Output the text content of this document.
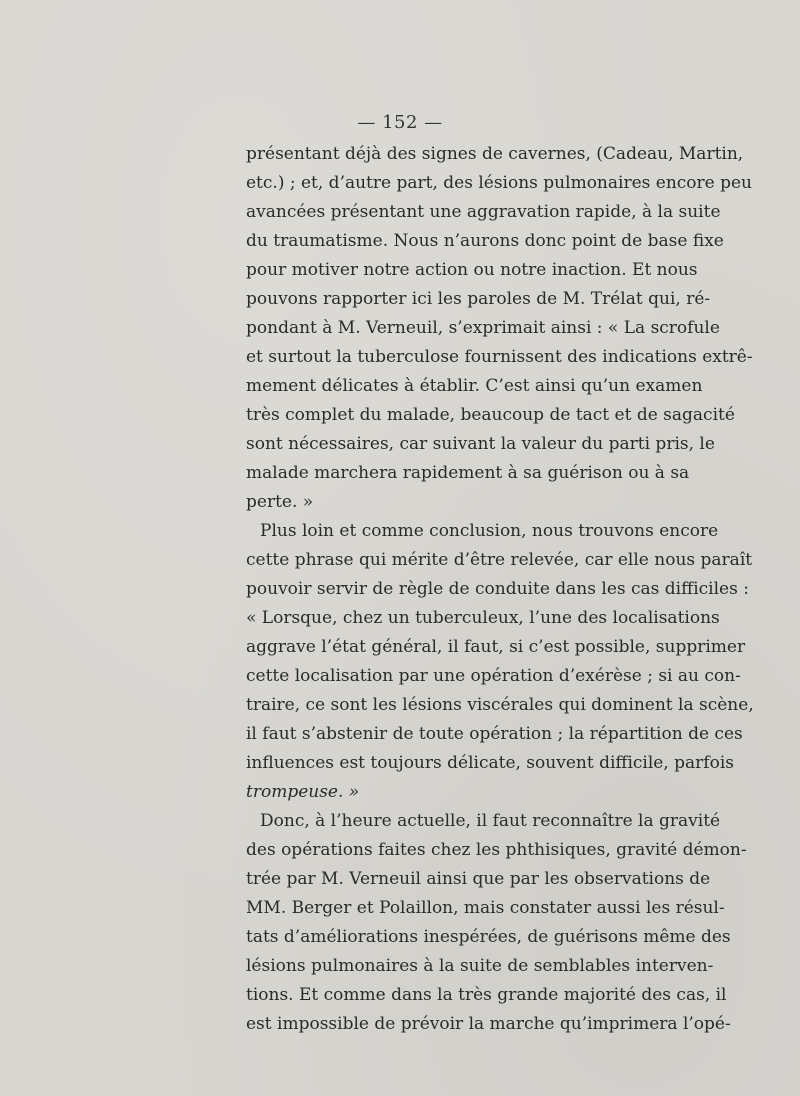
— 152 —
présentant déjà des signes de cavernes, (Cadeau, Martin,
etc.) ; et, d’autre part, des lésions pulmonaires encore peu
avancées présentant une aggravation rapide, à la suite
du traumatisme. Nous n’aurons donc point de base fixe
pour motiver notre action ou notre inaction. Et nous
pouvons rapporter ici les paroles de M. Trélat qui, ré-
pondant à M. Verneuil, s’exprimait ainsi : « La scrofule
et surtout la tuberculose fournissent des indications extrê-
mement délicates à établir. C’est ainsi qu’un examen
très complet du malade, beaucoup de tact et de sagacité
sont nécessaires, car suivant la valeur du parti pris, le
malade marchera rapidement à sa guérison ou à sa
perte. »
Plus loin et comme conclusion, nous trouvons encore
cette phrase qui mérite d’être relevée, car elle nous paraît
pouvoir servir de règle de conduite dans les cas difficiles :
« Lorsque, chez un tuberculeux, l’une des localisations
aggrave l’état général, il faut, si c’est possible, supprimer
cette localisation par une opération d’exérèse ; si au con-
traire, ce sont les lésions viscérales qui dominent la scène,
il faut s’abstenir de toute opération ; la répartition de ces
influences est toujours délicate, souvent difficile, parfois
trompeuse. »
Donc, à l’heure actuelle, il faut reconnaître la gravité
des opérations faites chez les phthisiques, gravité démon-
trée par M. Verneuil ainsi que par les observations de
MM. Berger et Polaillon, mais constater aussi les résul-
tats d’améliorations inespérées, de guérisons même des
lésions pulmonaires à la suite de semblables interven-
tions. Et comme dans la très grande majorité des cas, il
est impossible de prévoir la marche qu’imprimera l’opé-
